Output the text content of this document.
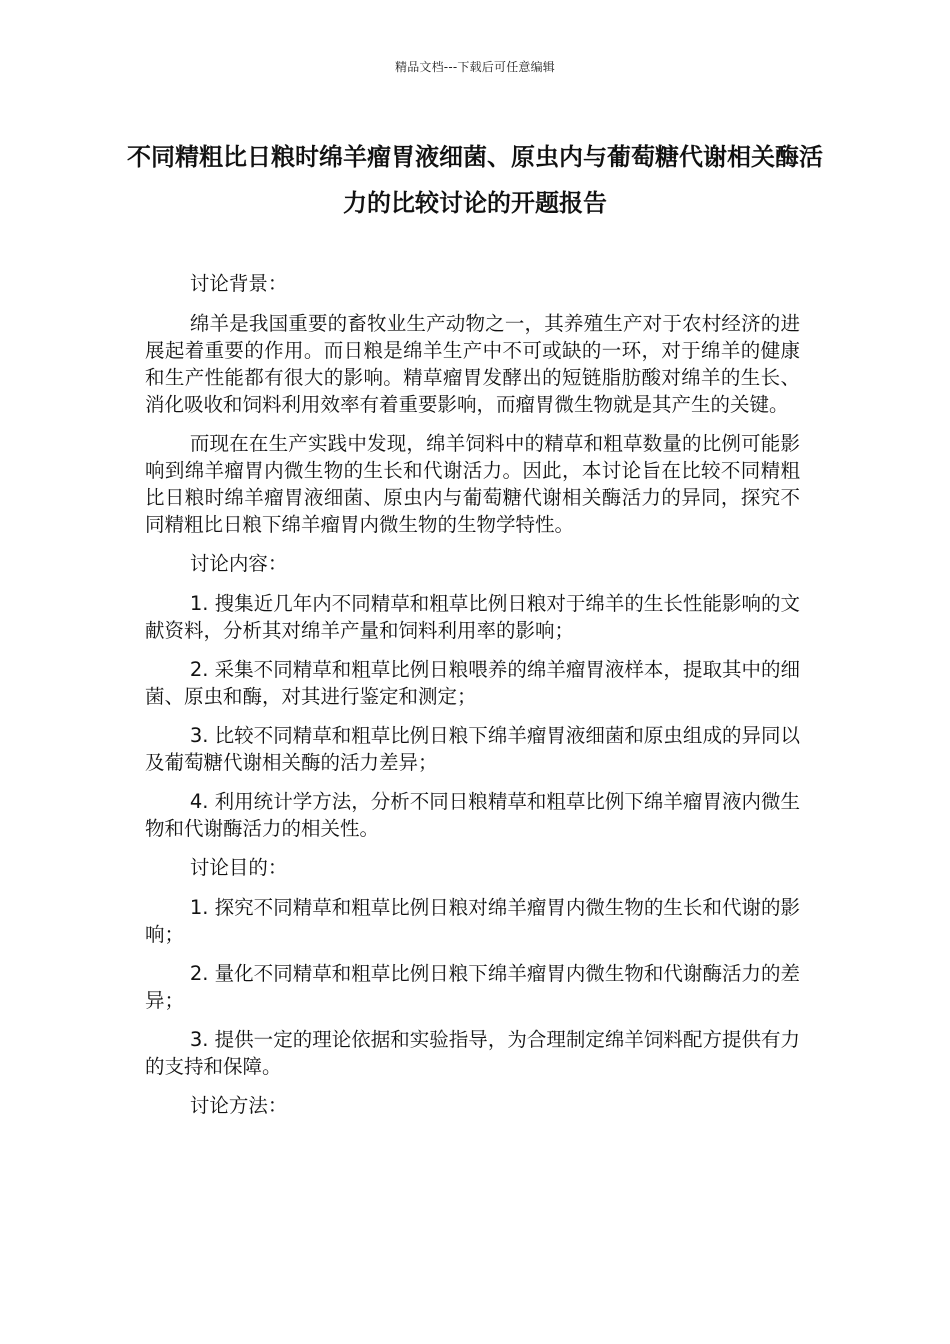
精品文档---下载后可任意编辑
不同精粗比日粮时绵羊瘤胃液细菌、原虫内与葡萄糖代谢相关酶活力的比较讨论的开题报告

讨论背景：

绵羊是我国重要的畜牧业生产动物之一，其养殖生产对于农村经济的进展起着重要的作用。而日粮是绵羊生产中不可或缺的一环，对于绵羊的健康和生产性能都有很大的影响。精草瘤胃发酵出的短链脂肪酸对绵羊的生长、消化吸收和饲料利用效率有着重要影响，而瘤胃微生物就是其产生的关键。

而现在在生产实践中发现，绵羊饲料中的精草和粗草数量的比例可能影响到绵羊瘤胃内微生物的生长和代谢活力。因此，本讨论旨在比较不同精粗比日粮时绵羊瘤胃液细菌、原虫内与葡萄糖代谢相关酶活力的异同，探究不同精粗比日粮下绵羊瘤胃内微生物的生物学特性。

讨论内容：

1. 搜集近几年内不同精草和粗草比例日粮对于绵羊的生长性能影响的文献资料，分析其对绵羊产量和饲料利用率的影响；

2. 采集不同精草和粗草比例日粮喂养的绵羊瘤胃液样本，提取其中的细菌、原虫和酶，对其进行鉴定和测定；

3. 比较不同精草和粗草比例日粮下绵羊瘤胃液细菌和原虫组成的异同以及葡萄糖代谢相关酶的活力差异；

4. 利用统计学方法，分析不同日粮精草和粗草比例下绵羊瘤胃液内微生物和代谢酶活力的相关性。

讨论目的：

1. 探究不同精草和粗草比例日粮对绵羊瘤胃内微生物的生长和代谢的影响；

2. 量化不同精草和粗草比例日粮下绵羊瘤胃内微生物和代谢酶活力的差异；

3. 提供一定的理论依据和实验指导，为合理制定绵羊饲料配方提供有力的支持和保障。

讨论方法：
